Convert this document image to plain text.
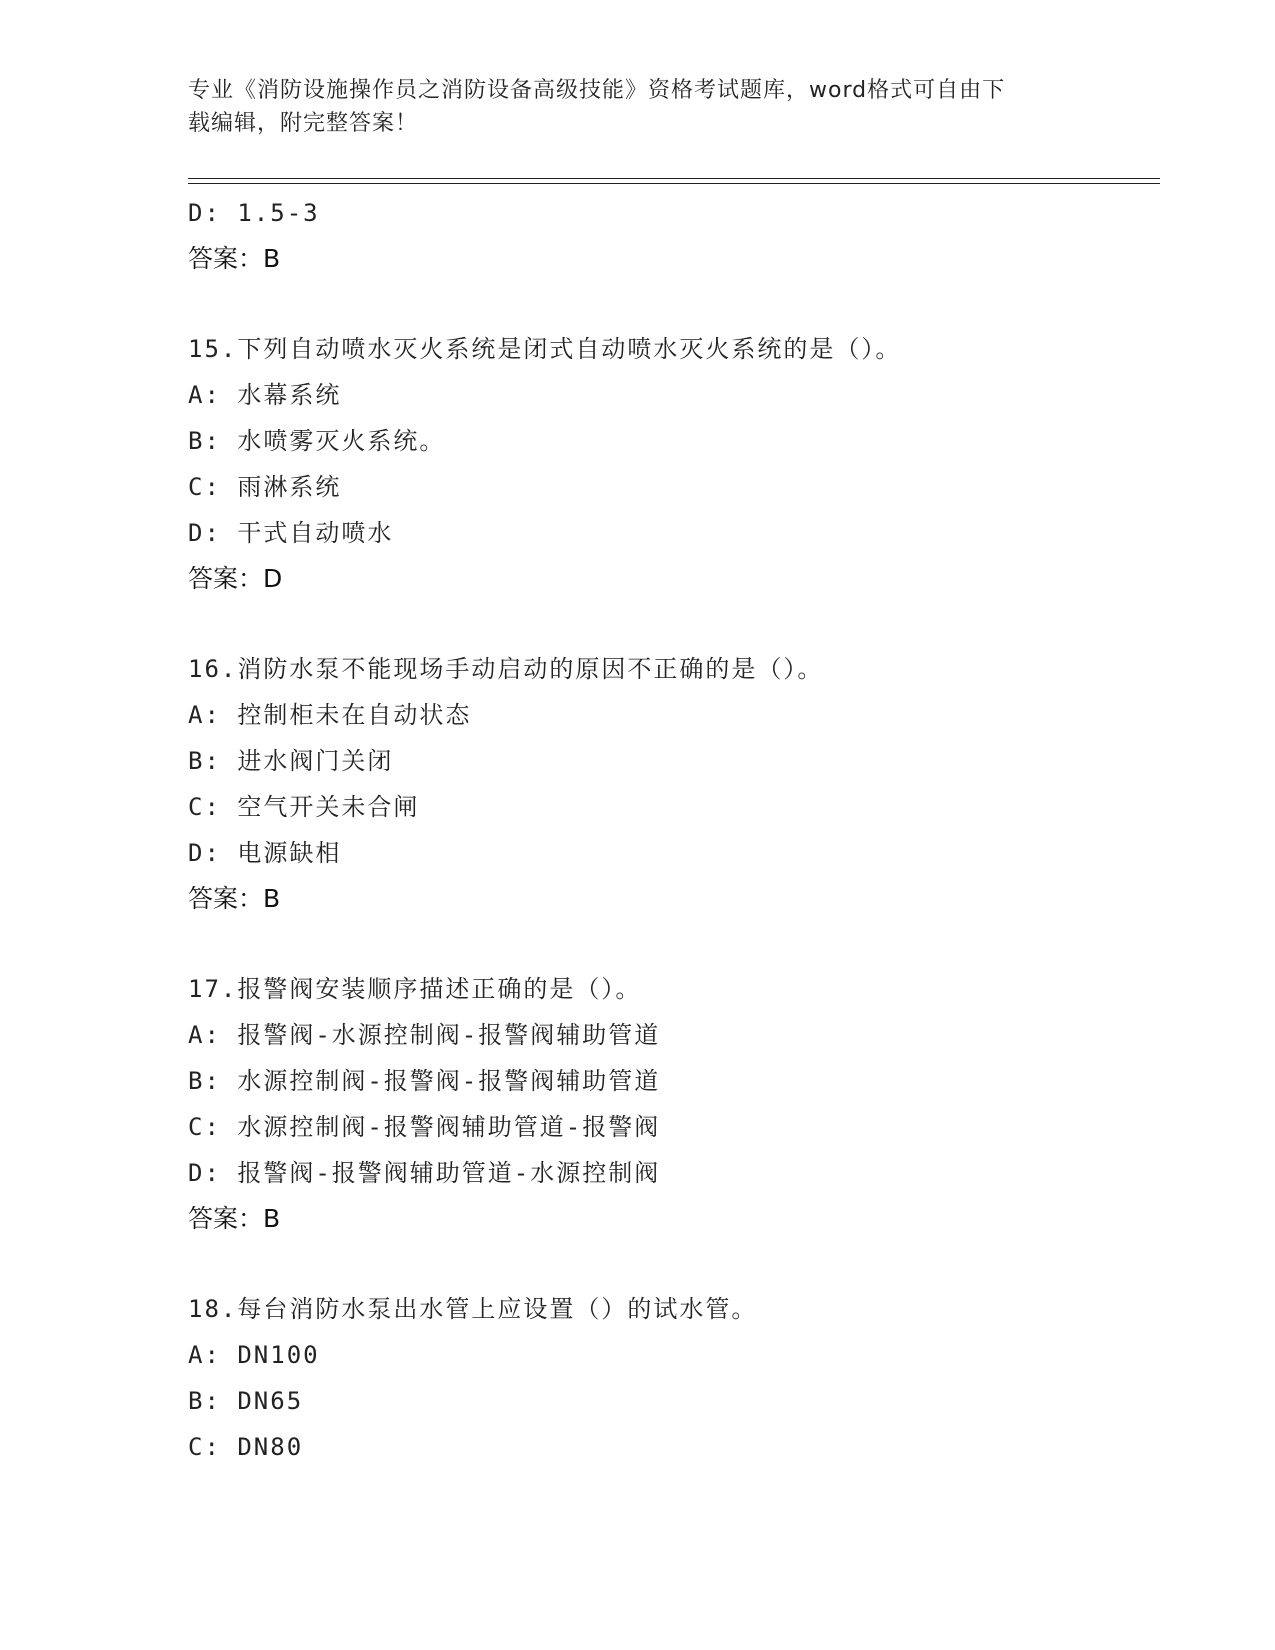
专业《消防设施操作员之消防设备高级技能》资格考试题库，word格式可自由下
载编辑，附完整答案！
D: 1.5-3
答案：B
15.下列自动喷水灭火系统是闭式自动喷水灭火系统的是（）。
A: 水幕系统
B: 水喷雾灭火系统。
C: 雨淋系统
D: 干式自动喷水
答案：D
16.消防水泵不能现场手动启动的原因不正确的是（）。
A: 控制柜未在自动状态
B: 进水阀门关闭
C: 空气开关未合闸
D: 电源缺相
答案：B
17.报警阀安装顺序描述正确的是（）。
A: 报警阀-水源控制阀-报警阀辅助管道
B: 水源控制阀-报警阀-报警阀辅助管道
C: 水源控制阀-报警阀辅助管道-报警阀
D: 报警阀-报警阀辅助管道-水源控制阀
答案：B
18.每台消防水泵出水管上应设置（）的试水管。
A: DN100
B: DN65
C: DN80
